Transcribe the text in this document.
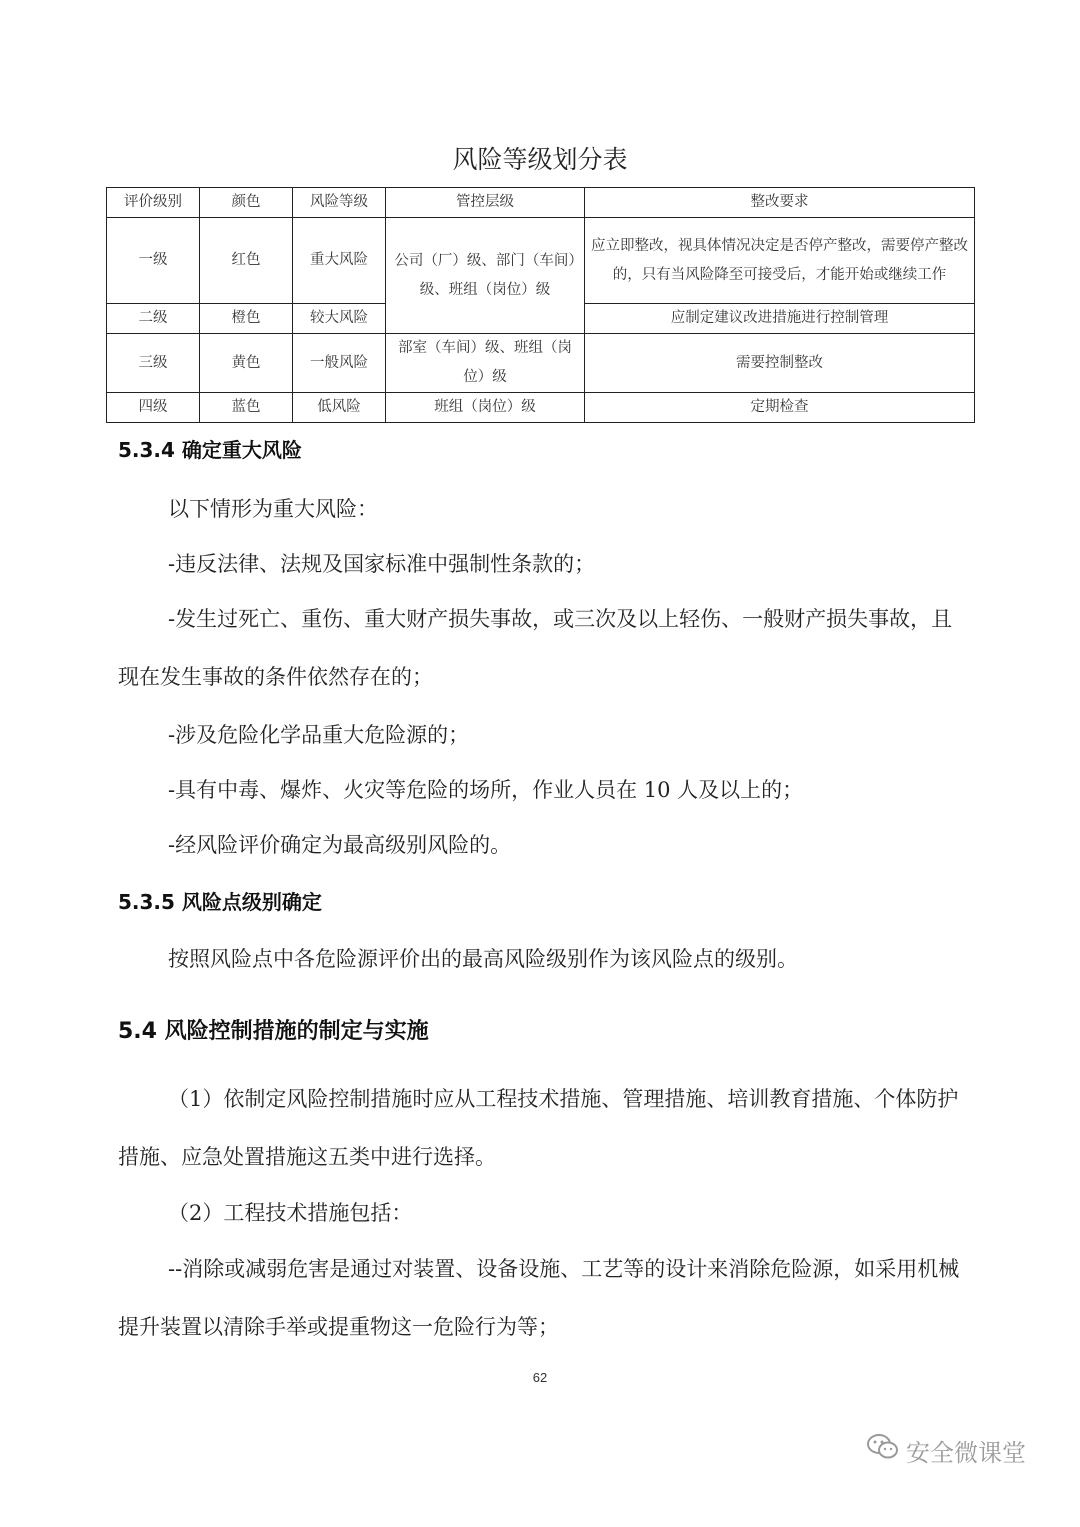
风险等级划分表
评价级别	颜色	风险等级	管控层级	整改要求
一级	红色	重大风险	公司（厂）级、部门（车间）级、班组（岗位）级	应立即整改，视具体情况决定是否停产整改，需要停产整改的，只有当风险降至可接受后，才能开始或继续工作
二级	橙色	较大风险		应制定建议改进措施进行控制管理
三级	黄色	一般风险	部室（车间）级、班组（岗位）级	需要控制整改
四级	蓝色	低风险	班组（岗位）级	定期检查
5.3.4 确定重大风险

以下情形为重大风险：

-违反法律、法规及国家标准中强制性条款的；

-发生过死亡、重伤、重大财产损失事故，或三次及以上轻伤、一般财产损失事故，且现在发生事故的条件依然存在的；

-涉及危险化学品重大危险源的；

-具有中毒、爆炸、火灾等危险的场所，作业人员在 10 人及以上的；

-经风险评价确定为最高级别风险的。

5.3.5 风险点级别确定

按照风险点中各危险源评价出的最高风险级别作为该风险点的级别。

5.4 风险控制措施的制定与实施

（1）依制定风险控制措施时应从工程技术措施、管理措施、培训教育措施、个体防护措施、应急处置措施这五类中进行选择。

（2）工程技术措施包括：

--消除或减弱危害是通过对装置、设备设施、工艺等的设计来消除危险源，如采用机械提升装置以清除手举或提重物这一危险行为等；

62
安全微课堂
